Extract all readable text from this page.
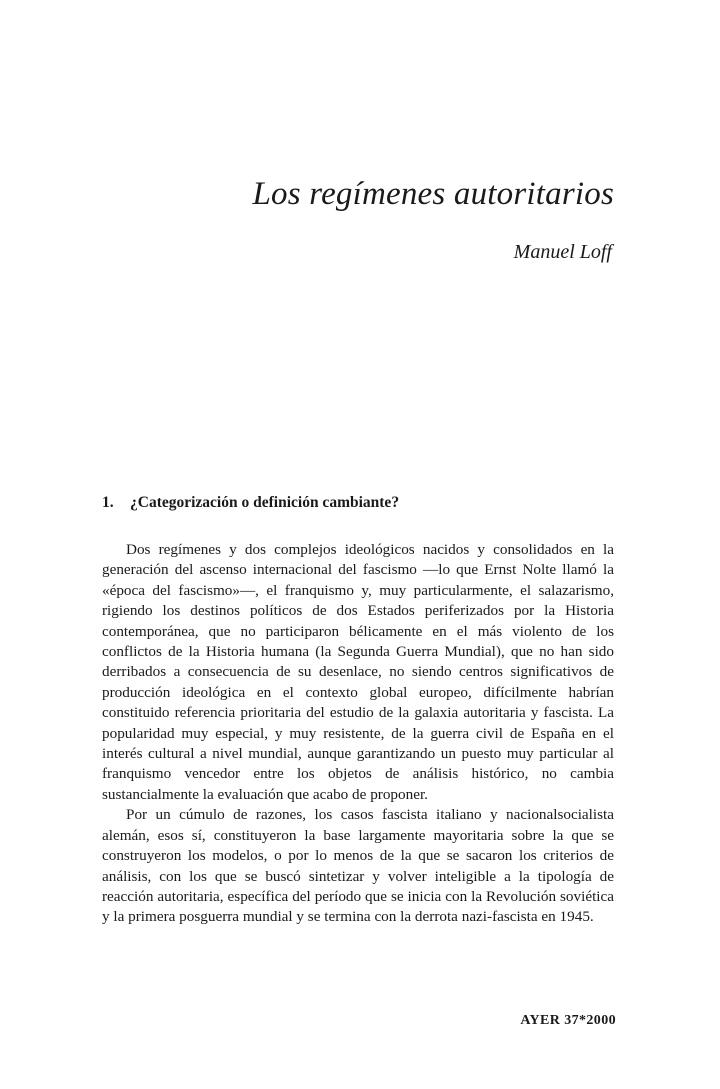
Los regímenes autoritarios
Manuel Loff
1. ¿Categorización o definición cambiante?

Dos regímenes y dos complejos ideológicos nacidos y consolidados en la generación del ascenso internacional del fascismo —lo que Ernst Nolte llamó la «época del fascismo»—, el franquismo y, muy particularmente, el salazarismo, rigiendo los destinos políticos de dos Estados periferizados por la Historia contemporánea, que no participaron bélicamente en el más violento de los conflictos de la Historia humana (la Segunda Guerra Mundial), que no han sido derribados a consecuencia de su desenlace, no siendo centros significativos de producción ideológica en el contexto global europeo, difícilmente habrían constituido referencia prioritaria del estudio de la galaxia autoritaria y fascista. La popularidad muy especial, y muy resistente, de la guerra civil de España en el interés cultural a nivel mundial, aunque garantizando un puesto muy particular al franquismo vencedor entre los objetos de análisis histórico, no cambia sustancialmente la evaluación que acabo de proponer.

Por un cúmulo de razones, los casos fascista italiano y nacionalsocialista alemán, esos sí, constituyeron la base largamente mayoritaria sobre la que se construyeron los modelos, o por lo menos de la que se sacaron los criterios de análisis, con los que se buscó sintetizar y volver inteligible a la tipología de reacción autoritaria, específica del período que se inicia con la Revolución soviética y la primera posguerra mundial y se termina con la derrota nazi-fascista en 1945.

AYER 37*2000
